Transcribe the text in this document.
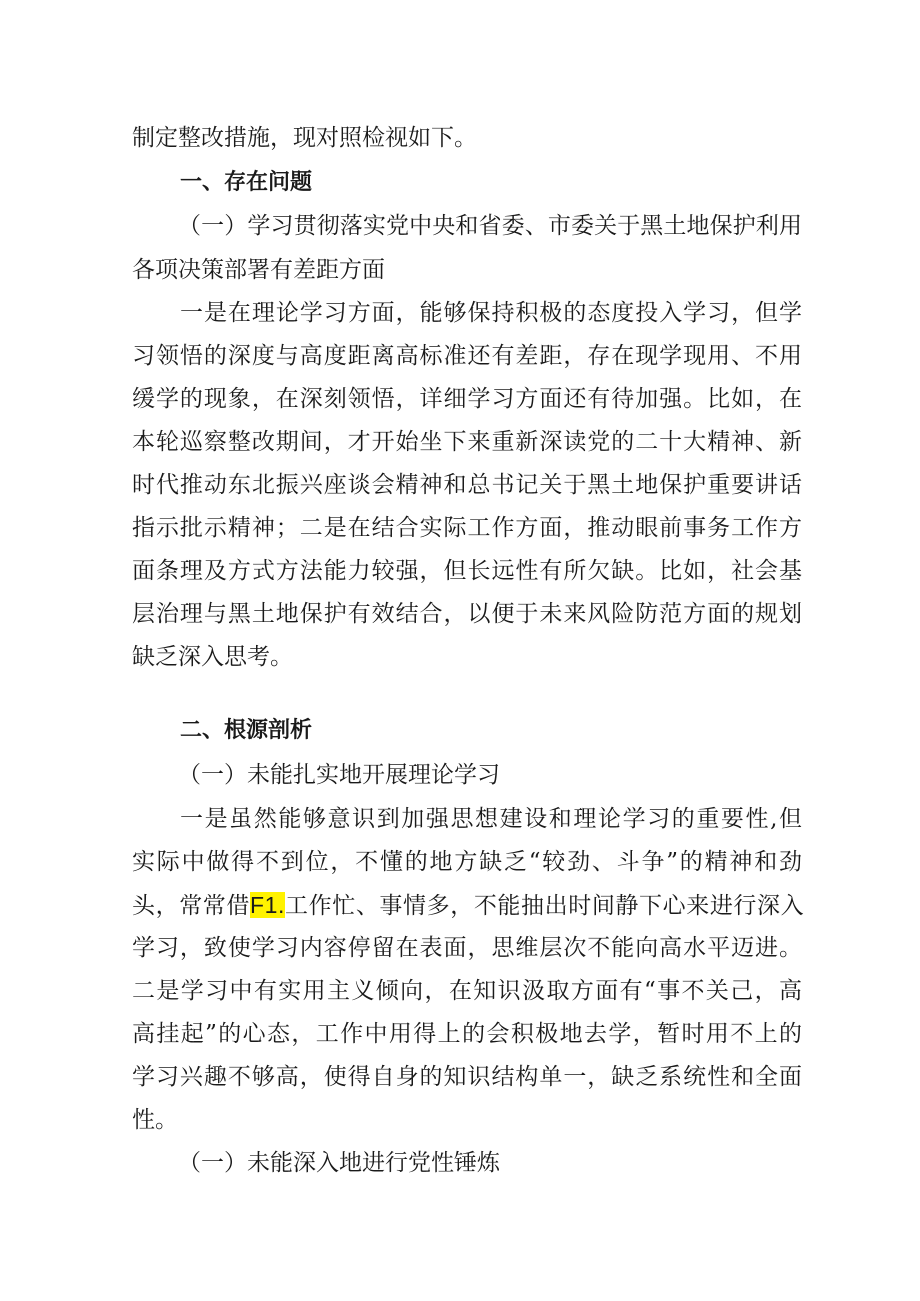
制定整改措施，现对照检视如下。
一、存在问题
（一）学习贯彻落实党中央和省委、市委关于黑土地保护利用
各项决策部署有差距方面
一是在理论学习方面，能够保持积极的态度投入学习，但学
习领悟的深度与高度距离高标准还有差距，存在现学现用、不用
缓学的现象，在深刻领悟，详细学习方面还有待加强。比如，在
本轮巡察整改期间，才开始坐下来重新深读党的二十大精神、新
时代推动东北振兴座谈会精神和总书记关于黑土地保护重要讲话
指示批示精神；二是在结合实际工作方面，推动眼前事务工作方
面条理及方式方法能力较强，但长远性有所欠缺。比如，社会基
层治理与黑土地保护有效结合，以便于未来风险防范方面的规划
缺乏深入思考。
二、根源剖析
（一）未能扎实地开展理论学习
一是虽然能够意识到加强思想建设和理论学习的重要性,但
实际中做得不到位，不懂的地方缺乏“较劲、斗争”的精神和劲
头，常常借F1.工作忙、事情多，不能抽出时间静下心来进行深入
学习，致使学习内容停留在表面，思维层次不能向高水平迈进。
二是学习中有实用主义倾向，在知识汲取方面有“事不关己，高
高挂起”的心态，工作中用得上的会积极地去学，暂时用不上的
学习兴趣不够高，使得自身的知识结构单一，缺乏系统性和全面
性。
（一）未能深入地进行党性锤炼
